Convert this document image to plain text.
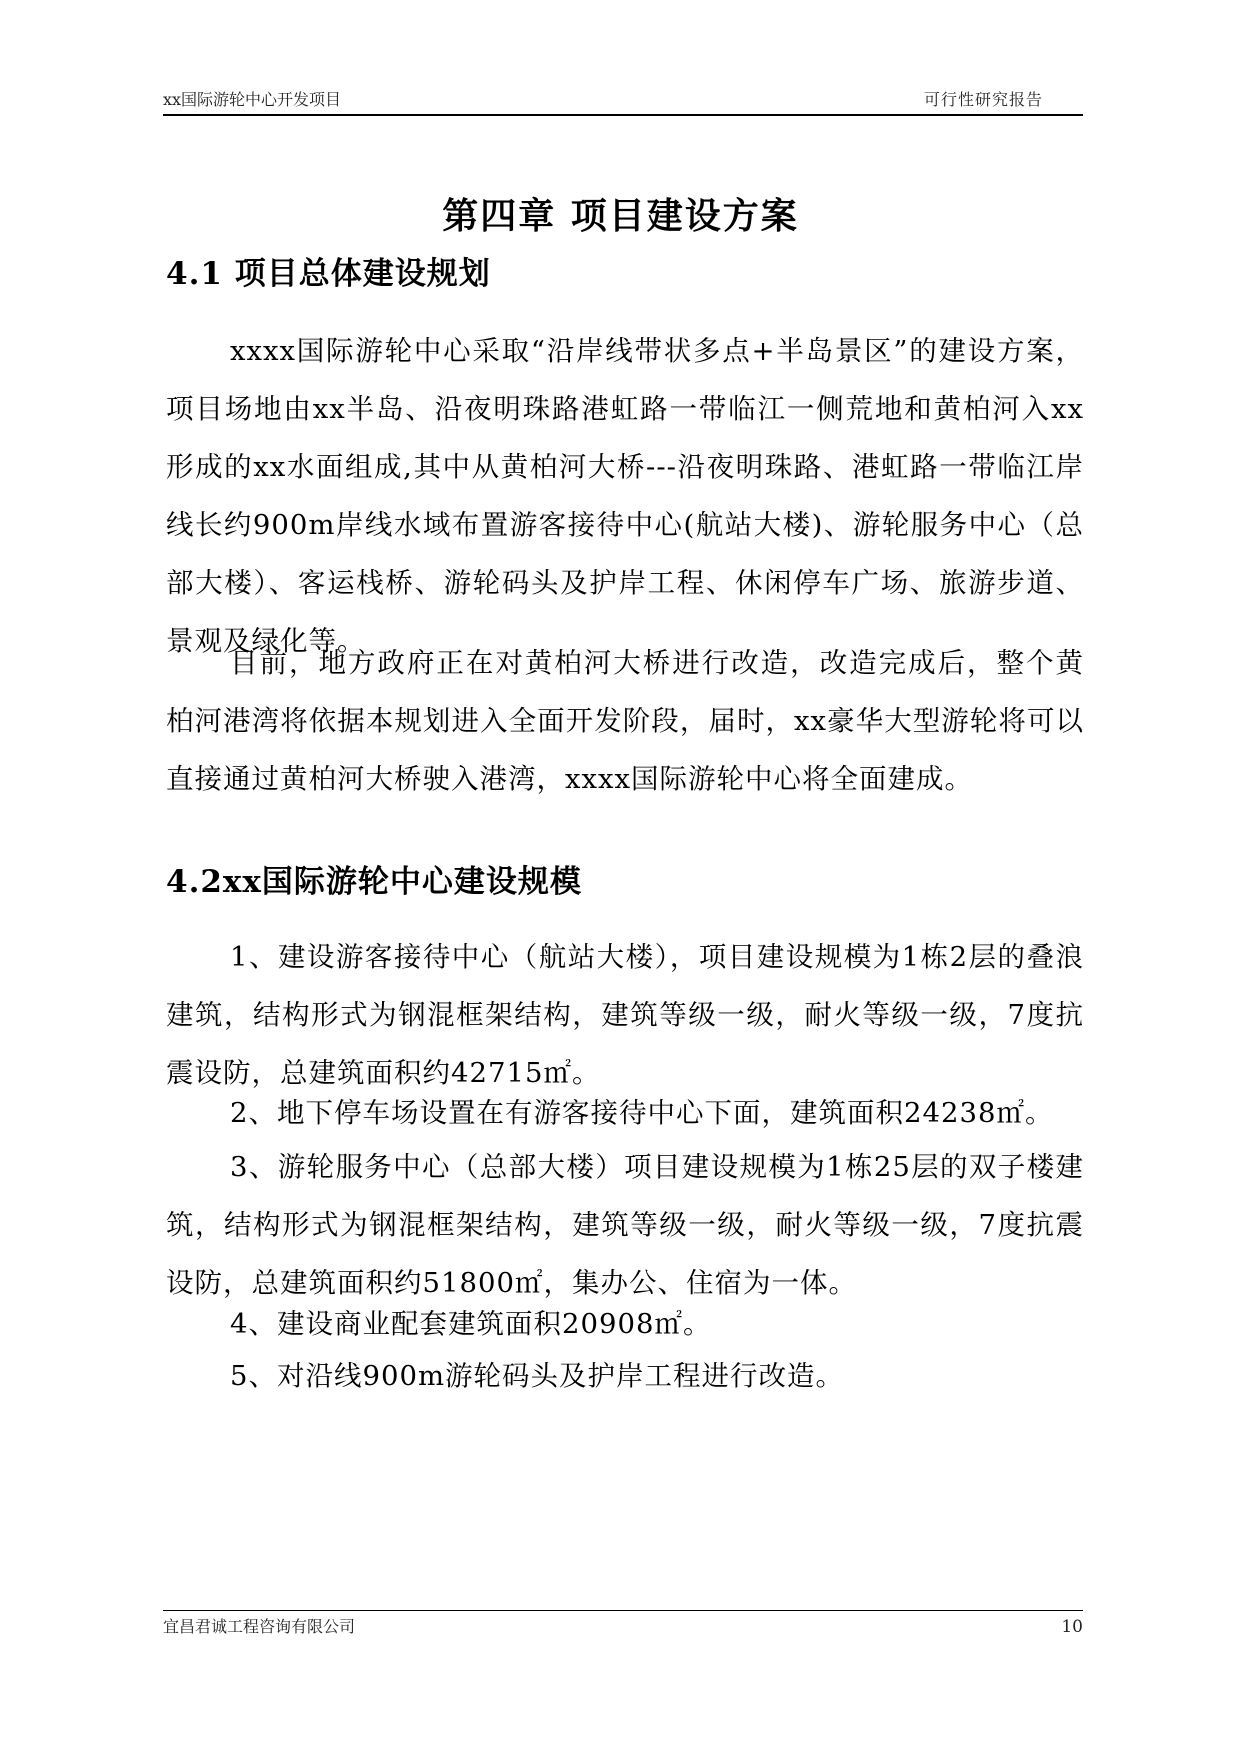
xx国际游轮中心开发项目	可行性研究报告
第四章 项目建设方案
4.1 项目总体建设规划

xxxx国际游轮中心采取“沿岸线带状多点+半岛景区”的建设方案，项目场地由xx半岛、沿夜明珠路港虹路一带临江一侧荒地和黄柏河入xx形成的xx水面组成,其中从黄柏河大桥---沿夜明珠路、港虹路一带临江岸线长约900m岸线水域布置游客接待中心(航站大楼)、游轮服务中心（总部大楼）、客运栈桥、游轮码头及护岸工程、休闲停车广场、旅游步道、景观及绿化等。

目前，地方政府正在对黄柏河大桥进行改造，改造完成后，整个黄柏河港湾将依据本规划进入全面开发阶段，届时，xx豪华大型游轮将可以直接通过黄柏河大桥驶入港湾，xxxx国际游轮中心将全面建成。

4.2xx国际游轮中心建设规模

1、建设游客接待中心（航站大楼），项目建设规模为1栋2层的叠浪建筑，结构形式为钢混框架结构，建筑等级一级，耐火等级一级，7度抗震设防，总建筑面积约42715㎡。

2、地下停车场设置在有游客接待中心下面，建筑面积24238㎡。

3、游轮服务中心（总部大楼）项目建设规模为1栋25层的双子楼建筑，结构形式为钢混框架结构，建筑等级一级，耐火等级一级，7度抗震设防，总建筑面积约51800㎡，集办公、住宿为一体。

4、建设商业配套建筑面积20908㎡。

5、对沿线900m游轮码头及护岸工程进行改造。

宜昌君诚工程咨询有限公司	10
